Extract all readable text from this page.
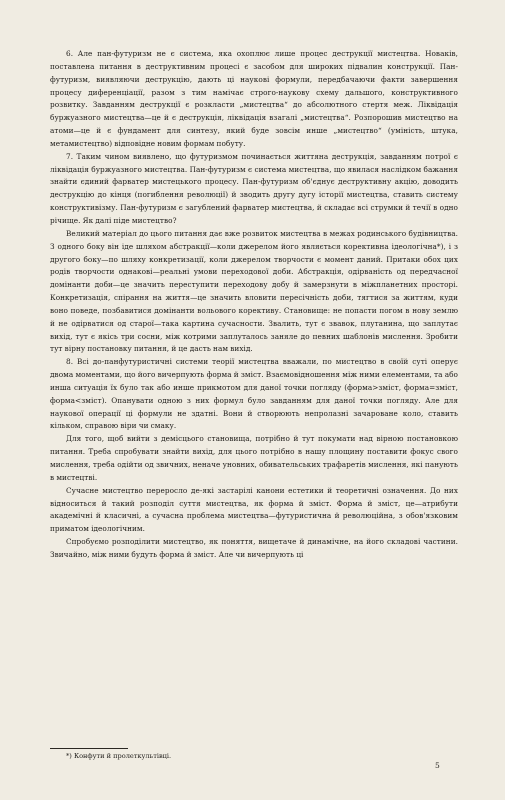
6. Але пан-футуризм не є система, яка охоплює лише процес деструкції мистецтва. Новаків, поставлена питання в деструктивним процесі є засобом для широких підвалин конструкції. Пан-футуризм, виявляючи деструкцію, дають ці наукові формули, передбачаючи факти завершення процесу диференціації, разом з тим намічає строго-наукову схему дальшого, конструктивного розвитку. Завданням деструкції є розкласти „мистецтва“ до абсолютного стертя меж. Ліквідація буржуазного мистецтва—це й є деструкція, ліквідація взагалі „мистецтва“. Розпорошив мистецтво на атоми—це й є фундамент для синтезу, який буде зовсім инше „мистецтво“ (уміність, штука, метамистецтво) відповідне новим формам побуту.

7. Таким чином виявлено, що футуризмом починається життяна деструкція, завданням потрої є ліквідація буржуазного мистецтва. Пан-футуризм є система мистецтва, що явилася наслідком бажання знайти єдиний фарватер мистецького процесу. Пан-футуризм об'єднує деструктивну акцію, доводить деструкцію до кінця (погиблення революції) й зводить другу дугу історії мистецтва, ставить систему конструктивізму. Пан-футуризм є загублений фарватер мистецтва, й складає всі струмки й течії в одно річище. Як далі піде мистецтво?

Великий матеріал до цього питання дає вже розвиток мистецтва в межах родинського будівництва. З одного боку він іде шляхом абстракції—коли джерелом його являється корективна ідеологічна*), і з другого боку—по шляху конкретизації, коли джерелом творчости є момент даний. Притаки обох цих родів творчости однакові—реальні умови переходової доби. Абстракція, одірваність од передчасної домінанти доби—це значить переступити переходову добу й замерзнути в міжпланетних просторі. Конкретизація, спірання на життя—це значить вловити пересічність доби, тягтися за життям, куди воно поведе, позбавитися домінанти вольового корективу. Становище: не попасти погом в нову землю й не одірватися од старої—така картина сучасности. Звалить, тут є звавок, плутанина, що заплутає вихід, тут є якісь три сосни, між котрими заплуталось заняле до певних шаблонів мислення. Зробити тут вірну постановку питання, й це дасть нам вихід.

8. Всі до-панфутуристичні системи теорії мистецтва вважали, по мистецтво в своїй суті оперує двома моментами, що його вичерпують форма й зміст. Взаємовідношення між ними елементами, та або инша ситуація їх було так або инше прикмотом для даної точки погляду (форма>зміст, форма=зміст, форма<зміст). Опанувати одною з них формул було завданням для даної точки погляду. Але для наукової операції ці формули не здатні. Вони й створюють непролазні зачароване коло, ставить кільком, справою віри чи смаку.

Для того, щоб вийти з демісцього становища, потрібно й тут покумати над вірною постановкою питання. Треба спробувати знайти вихід, для цього потрібно в нашу площину поставити фокус свого мислення, треба одійти од звичних, неначе уновних, обивательських трафаретів мислення, які панують в мистецтві.

Сучасне мистецтво переросло де-які застарілі канони естетики й теоретичні означення. До них відноситься й такий розподіл суття мистецтва, як форма й зміст. Форма й зміст, це—атрибути академічні й класичні, а сучасна проблема мистецтва—футуристична й революційна, з обов'язковим приматом ідеологічним.

Спробуємо розподілити мистецтво, як поняття, вищетаче й динамічне, на його складові частини. Звичайно, між ними будуть форма й зміст. Але чи вичерпують ці

*) Конфути й пролеткультівці.
5
